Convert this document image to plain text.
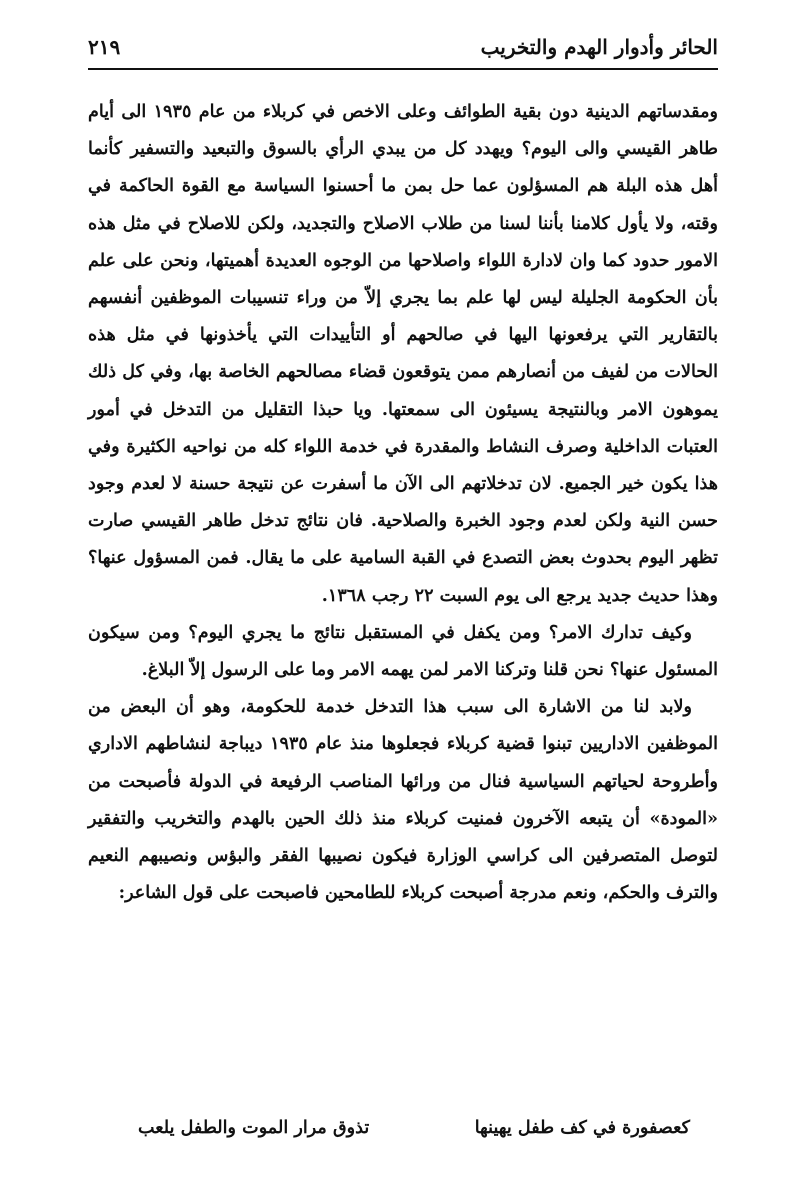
الحائر وأدوار الهدم والتخريب
٢١٩

ومقدساتهم الدينية دون بقية الطوائف وعلى الاخص في كربلاء من عام ١٩٣٥ الى أيام طاهر القيسي والى اليوم؟ ويهدد كل من يبدي الرأي بالسوق والتبعيد والتسفير كأنما أهل هذه البلة هم المسؤلون عما حل بمن ما أحسنوا السياسة مع القوة الحاكمة في وقته، ولا يأول كلامنا بأننا لسنا من طلاب الاصلاح والتجديد، ولكن للاصلاح في مثل هذه الامور حدود كما وان لادارة اللواء واصلاحها من الوجوه العديدة أهميتها، ونحن على علم بأن الحكومة الجليلة ليس لها علم بما يجري إلاّ من وراء تنسيبات الموظفين أنفسهم بالتقارير التي يرفعونها اليها في صالحهم أو التأييدات التي يأخذونها في مثل هذه الحالات من لفيف من أنصارهم ممن يتوقعون قضاء مصالحهم الخاصة بها، وفي كل ذلك يموهون الامر وبالنتيجة يسيئون الى سمعتها. ويا حبذا التقليل من التدخل في أمور العتبات الداخلية وصرف النشاط والمقدرة في خدمة اللواء كله من نواحيه الكثيرة وفي هذا يكون خير الجميع. لان تدخلاتهم الى الآن ما أسفرت عن نتيجة حسنة لا لعدم وجود حسن النية ولكن لعدم وجود الخبرة والصلاحية. فان نتائج تدخل طاهر القيسي صارت تظهر اليوم بحدوث بعض التصدع في القبة السامية على ما يقال. فمن المسؤول عنها؟ وهذا حديث جديد يرجع الى يوم السبت ٢٢ رجب ١٣٦٨.

وكيف تدارك الامر؟ ومن يكفل في المستقبل نتائج ما يجري اليوم؟ ومن سيكون المسئول عنها؟ نحن قلنا وتركنا الامر لمن يهمه الامر وما على الرسول إلاّ البلاغ.

ولابد لنا من الاشارة الى سبب هذا التدخل خدمة للحكومة، وهو أن البعض من الموظفين الاداريين تبنوا قضية كربلاء فجعلوها منذ عام ١٩٣٥ ديباجة لنشاطهم الاداري وأطروحة لحياتهم السياسية فنال من ورائها المناصب الرفيعة في الدولة فأصبحت من «المودة» أن يتبعه الآخرون فمنيت كربلاء منذ ذلك الحين بالهدم والتخريب والتفقير لتوصل المتصرفين الى كراسي الوزارة فيكون نصيبها الفقر والبؤس ونصيبهم النعيم والترف والحكم، ونعم مدرجة أصبحت كربلاء للطامحين فاصبحت على قول الشاعر:

كعصفورة في كف طفل يهينها
تذوق مرار الموت والطفل يلعب
